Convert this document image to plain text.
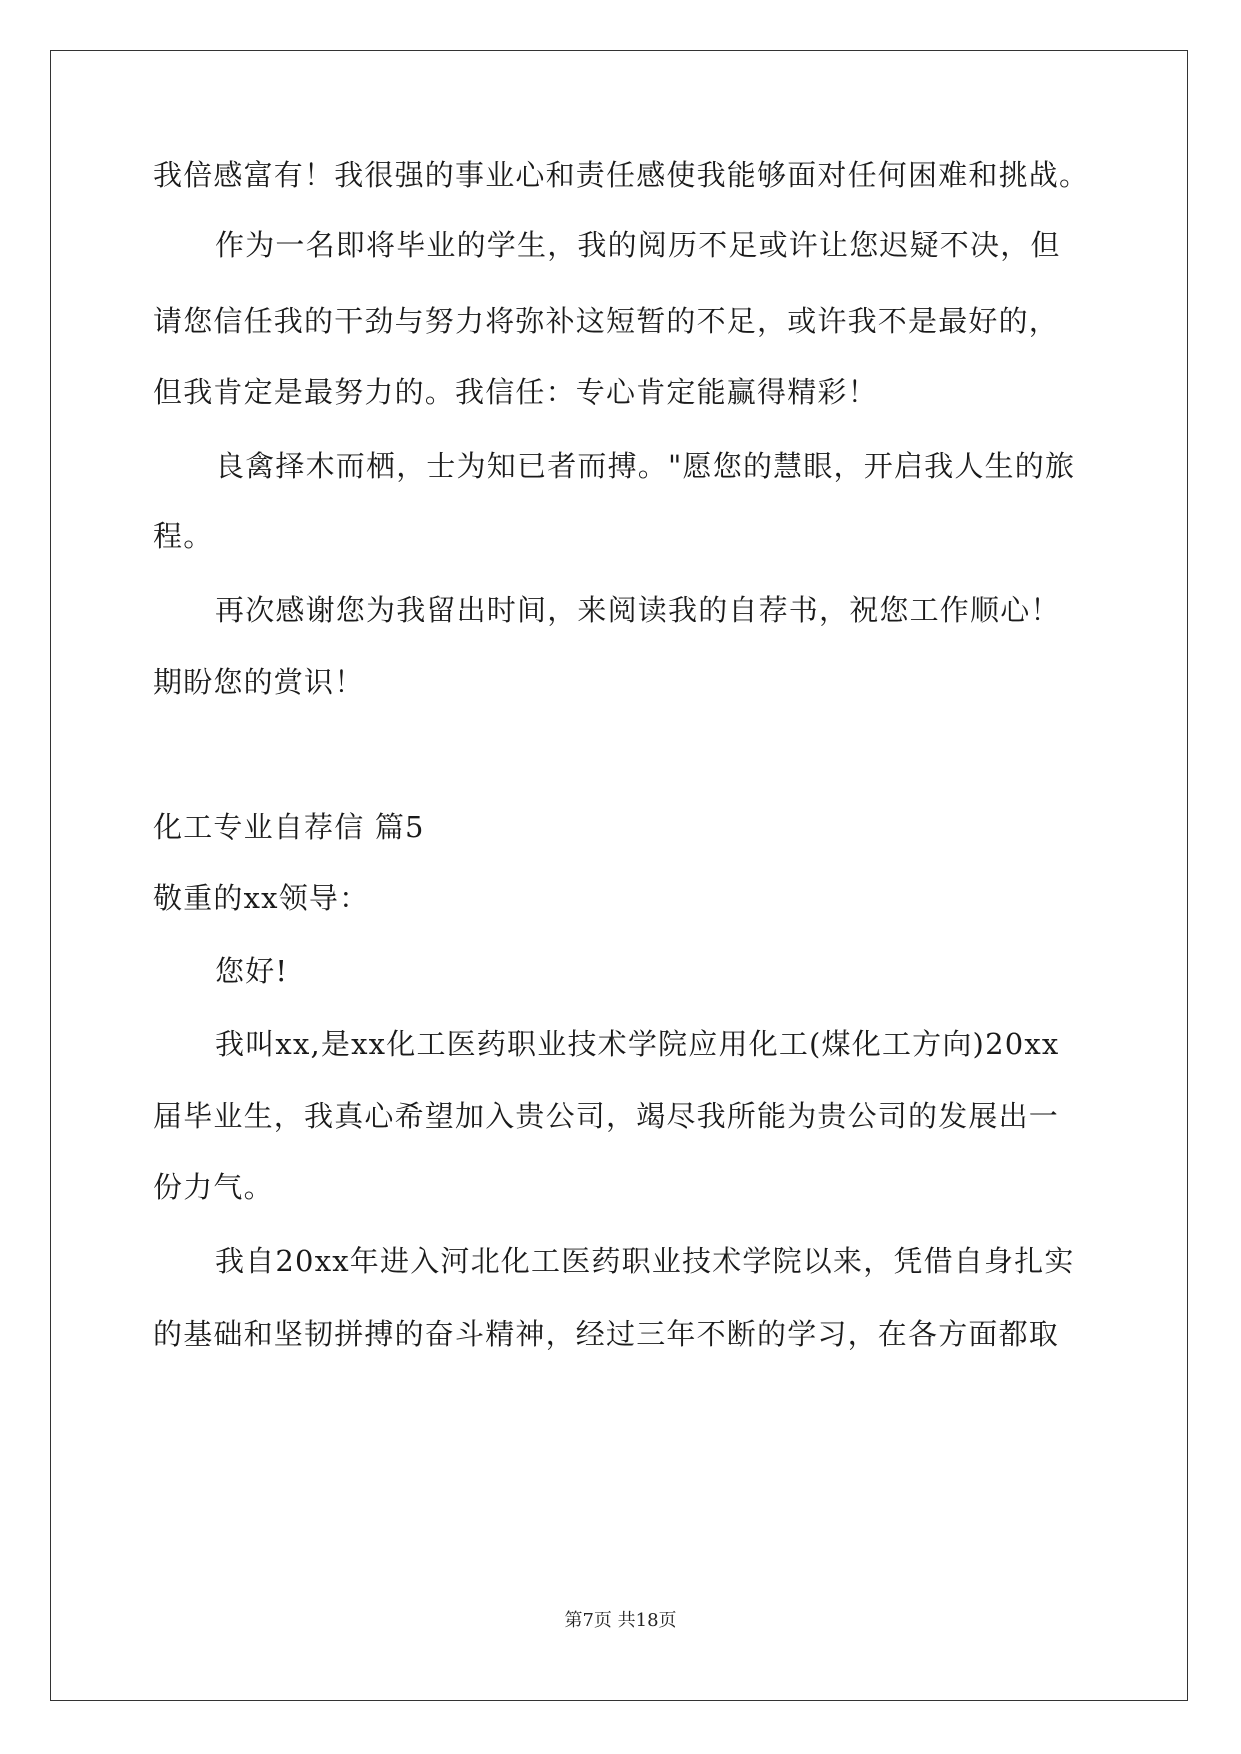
我倍感富有！我很强的事业心和责任感使我能够面对任何困难和挑战。
作为一名即将毕业的学生，我的阅历不足或许让您迟疑不决，但
请您信任我的干劲与努力将弥补这短暂的不足，或许我不是最好的，
但我肯定是最努力的。我信任：专心肯定能赢得精彩！
良禽择木而栖，士为知已者而搏。"愿您的慧眼，开启我人生的旅
程。
再次感谢您为我留出时间，来阅读我的自荐书，祝您工作顺心！
期盼您的赏识！
化工专业自荐信 篇5
敬重的xx领导：
您好!
我叫xx,是xx化工医药职业技术学院应用化工(煤化工方向)20xx
届毕业生，我真心希望加入贵公司，竭尽我所能为贵公司的发展出一
份力气。
我自20xx年进入河北化工医药职业技术学院以来，凭借自身扎实
的基础和坚韧拼搏的奋斗精神，经过三年不断的学习，在各方面都取
第7页 共18页
